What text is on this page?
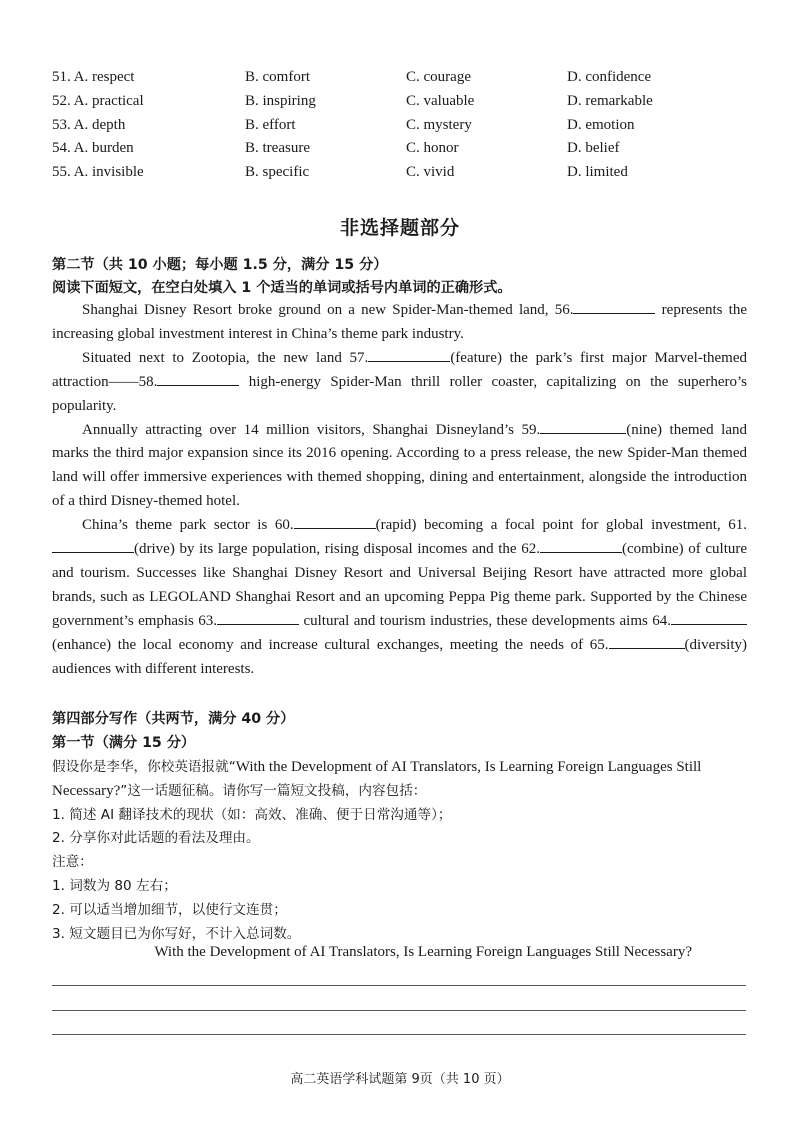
51. A. respect	B. comfort	C. courage	D. confidence
52. A. practical	B. inspiring	C. valuable	D. remarkable
53. A. depth	B. effort	C. mystery	D. emotion
54. A. burden	B. treasure	C. honor	D. belief
55. A. invisible	B. specific	C. vivid	D. limited
非选择题部分
第二节（共 10 小题；每小题 1.5 分，满分 15 分）
阅读下面短文，在空白处填入 1 个适当的单词或括号内单词的正确形式。

Shanghai Disney Resort broke ground on a new Spider-Man-themed land, 56.	represents the increasing global investment interest in China’s theme park industry.

Situated next to Zootopia, the new land 57.	(feature) the park’s first major Marvel-themed attraction——58.	high-energy Spider-Man thrill roller coaster, capitalizing on the superhero’s popularity.

Annually attracting over 14 million visitors, Shanghai Disneyland’s 59.	(nine) themed land marks the third major expansion since its 2016 opening. According to a press release, the new Spider-Man themed land will offer immersive experiences with themed shopping, dining and entertainment, alongside the introduction of a third Disney-themed hotel.

China’s theme park sector is 60.	(rapid) becoming a focal point for global investment, 61.(drive) by its large population, rising disposal incomes and the 62.	(combine) of culture and tourism. Successes like Shanghai Disney Resort and Universal Beijing Resort have attracted more global brands, such as LEGOLAND Shanghai Resort and an upcoming Peppa Pig theme park. Supported by the Chinese government’s emphasis 63.	cultural and tourism industries, these developments aims 64.(enhance) the local economy and increase cultural exchanges, meeting the needs of 65.	(diversity) audiences with different interests.

第四部分写作（共两节，满分 40 分）
第一节（满分 15 分）
假设你是李华，你校英语报就“With the Development of AI Translators, Is Learning Foreign Languages Still Necessary?”这一话题征稿。请你写一篇短文投稿，内容包括：
1. 简述 AI 翻译技术的现状（如：高效、准确、便于日常沟通等）；
2. 分享你对此话题的看法及理由。
注意：
1. 词数为 80 左右；
2. 可以适当增加细节，以使行文连贯；
3. 短文题目已为你写好，不计入总词数。
With the Development of AI Translators, Is Learning Foreign Languages Still Necessary?
高二英语学科试题第 9页（共 10 页）
